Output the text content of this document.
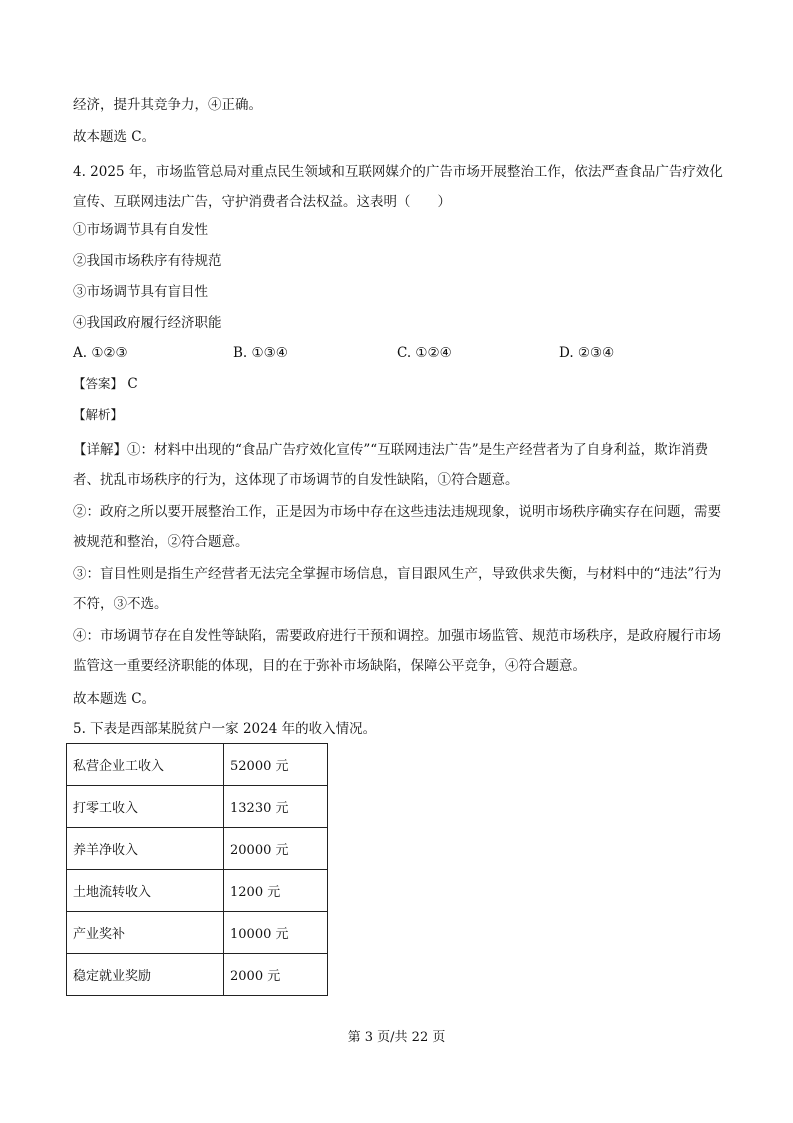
经济，提升其竞争力，④正确。
故本题选 C。
4. 2025 年，市场监管总局对重点民生领域和互联网媒介的广告市场开展整治工作，依法严查食品广告疗效化宣传、互联网违法广告，守护消费者合法权益。这表明（　　）
①市场调节具有自发性
②我国市场秩序有待规范
③市场调节具有盲目性
④我国政府履行经济职能
A. ①②③	B. ①③④	C. ①②④	D. ②③④
【答案】 C
【解析】
【详解】①：材料中出现的“食品广告疗效化宣传”“互联网违法广告”是生产经营者为了自身利益，欺诈消费者、扰乱市场秩序的行为，这体现了市场调节的自发性缺陷，①符合题意。
②：政府之所以要开展整治工作，正是因为市场中存在这些违法违规现象，说明市场秩序确实存在问题，需要被规范和整治，②符合题意。
③：盲目性则是指生产经营者无法完全掌握市场信息，盲目跟风生产，导致供求失衡，与材料中的“违法”行为不符，③不选。
④：市场调节存在自发性等缺陷，需要政府进行干预和调控。加强市场监管、规范市场秩序，是政府履行市场监管这一重要经济职能的体现，目的在于弥补市场缺陷，保障公平竞争，④符合题意。
故本题选 C。
5. 下表是西部某脱贫户一家 2024 年的收入情况。
私营企业工收入	52000 元
打零工收入	13230 元
养羊净收入	20000 元
土地流转收入	1200 元
产业奖补	10000 元
稳定就业奖励	2000 元
第 3 页/共 22 页
